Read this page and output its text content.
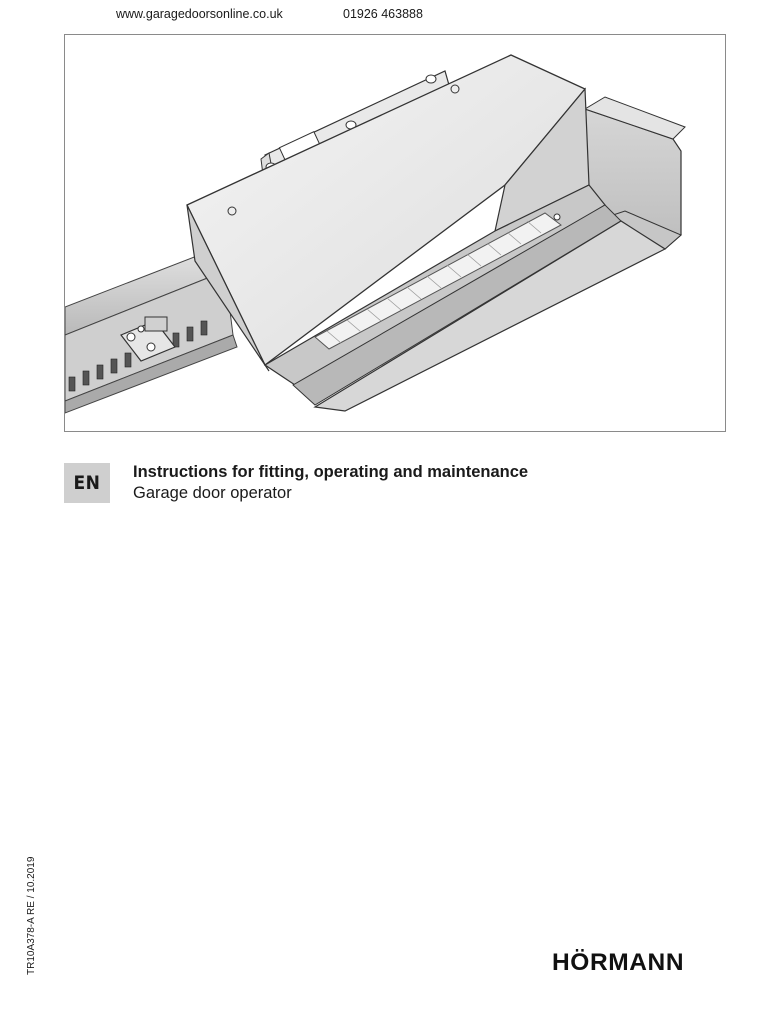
www.garagedoorsonline.co.uk	01926 463888
EN	Instructions for fitting, operating and maintenance
Garage door operator
TR10A378-A RE / 10.2019	HÖRMANN
